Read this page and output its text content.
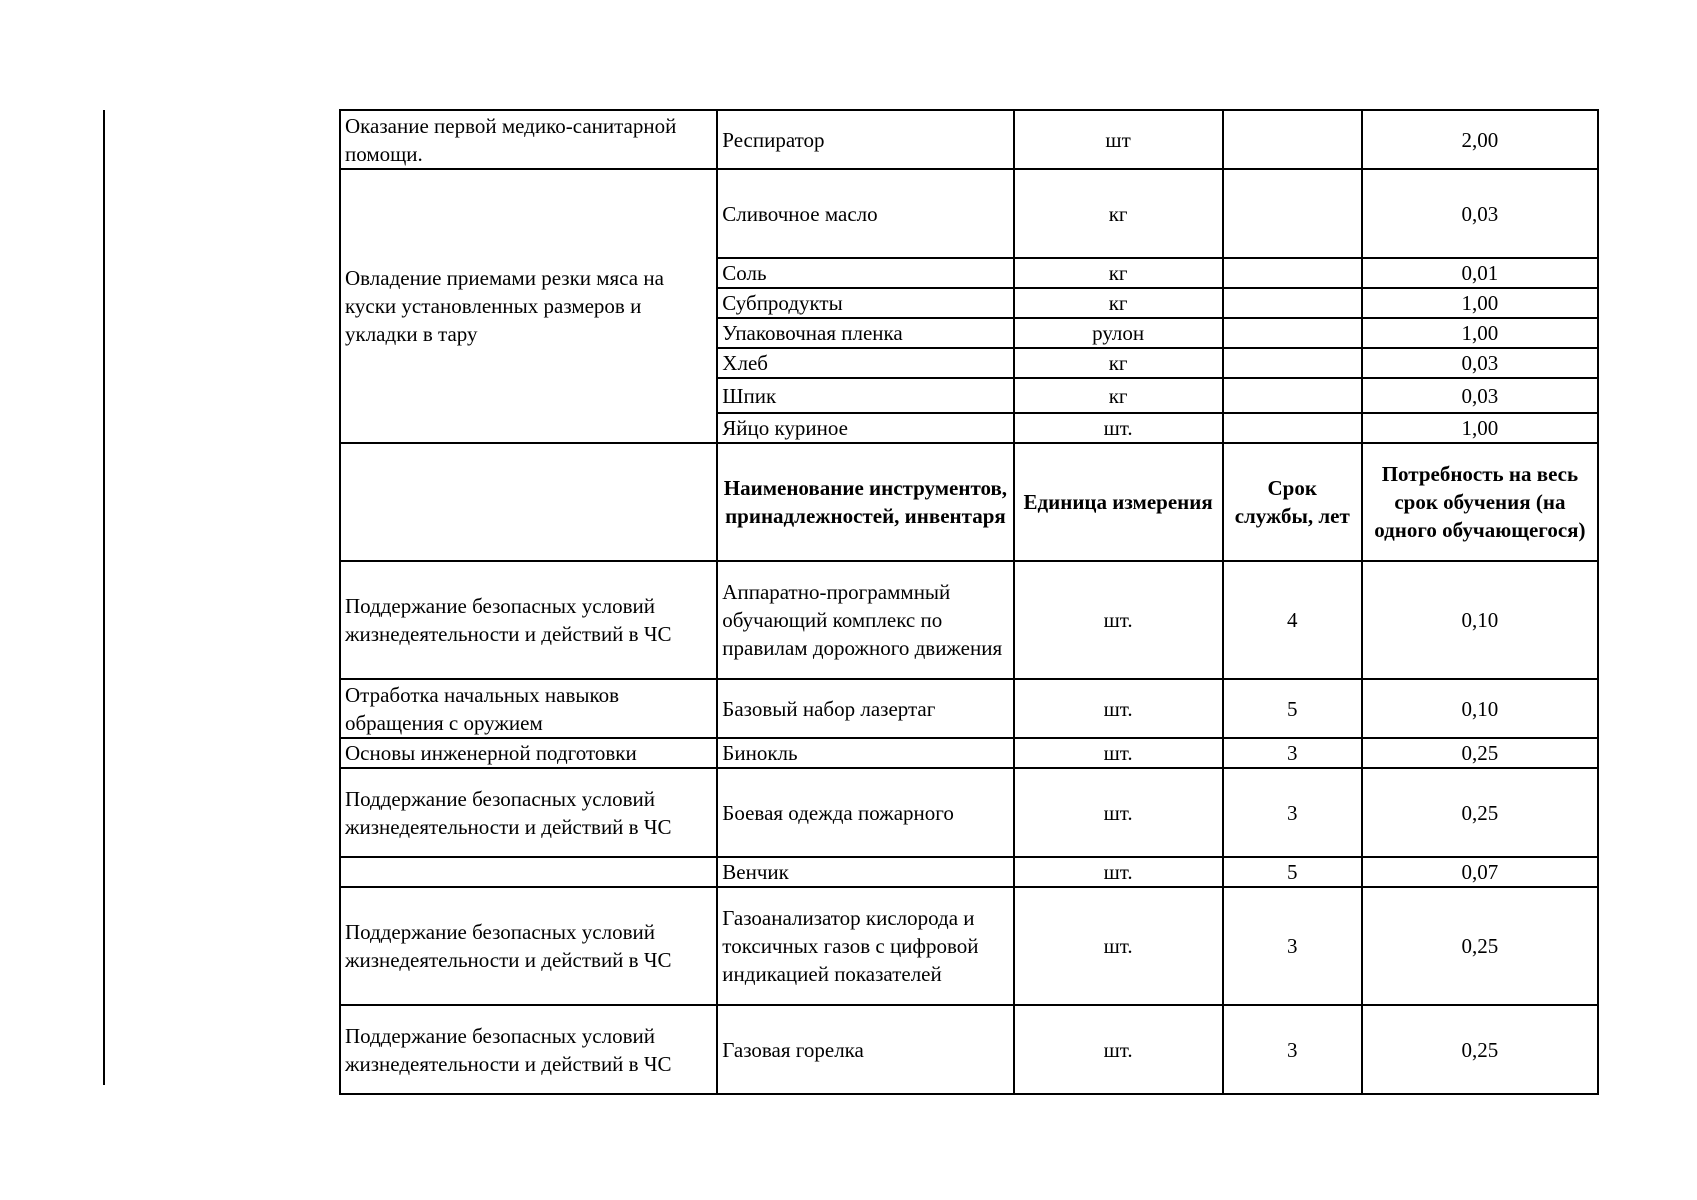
Оказание первой медико-санитарной помощи.	Респиратор	шт		2,00
Овладение приемами резки мяса на куски установленных размеров и укладки в тару	Сливочное масло	кг		0,03
	Соль	кг		0,01
	Субпродукты	кг		1,00
	Упаковочная пленка	рулон		1,00
	Хлеб	кг		0,03
	Шпик	кг		0,03
	Яйцо куриное	шт.		1,00
	Наименование инструментов, принадлежностей, инвентаря	Единица измерения	Срок службы, лет	Потребность на весь срок обучения (на одного обучающегося)
Поддержание безопасных условий жизнедеятельности и действий в ЧС	Аппаратно-программный обучающий комплекс по правилам дорожного движения	шт.	4	0,10
Отработка начальных навыков обращения с оружием	Базовый набор лазертаг	шт.	5	0,10
Основы инженерной подготовки	Бинокль	шт.	3	0,25
Поддержание безопасных условий жизнедеятельности и действий в ЧС	Боевая одежда пожарного	шт.	3	0,25
	Венчик	шт.	5	0,07
Поддержание безопасных условий жизнедеятельности и действий в ЧС	Газоанализатор кислорода и токсичных газов с цифровой индикацией показателей	шт.	3	0,25
Поддержание безопасных условий жизнедеятельности и действий в ЧС	Газовая горелка	шт.	3	0,25
